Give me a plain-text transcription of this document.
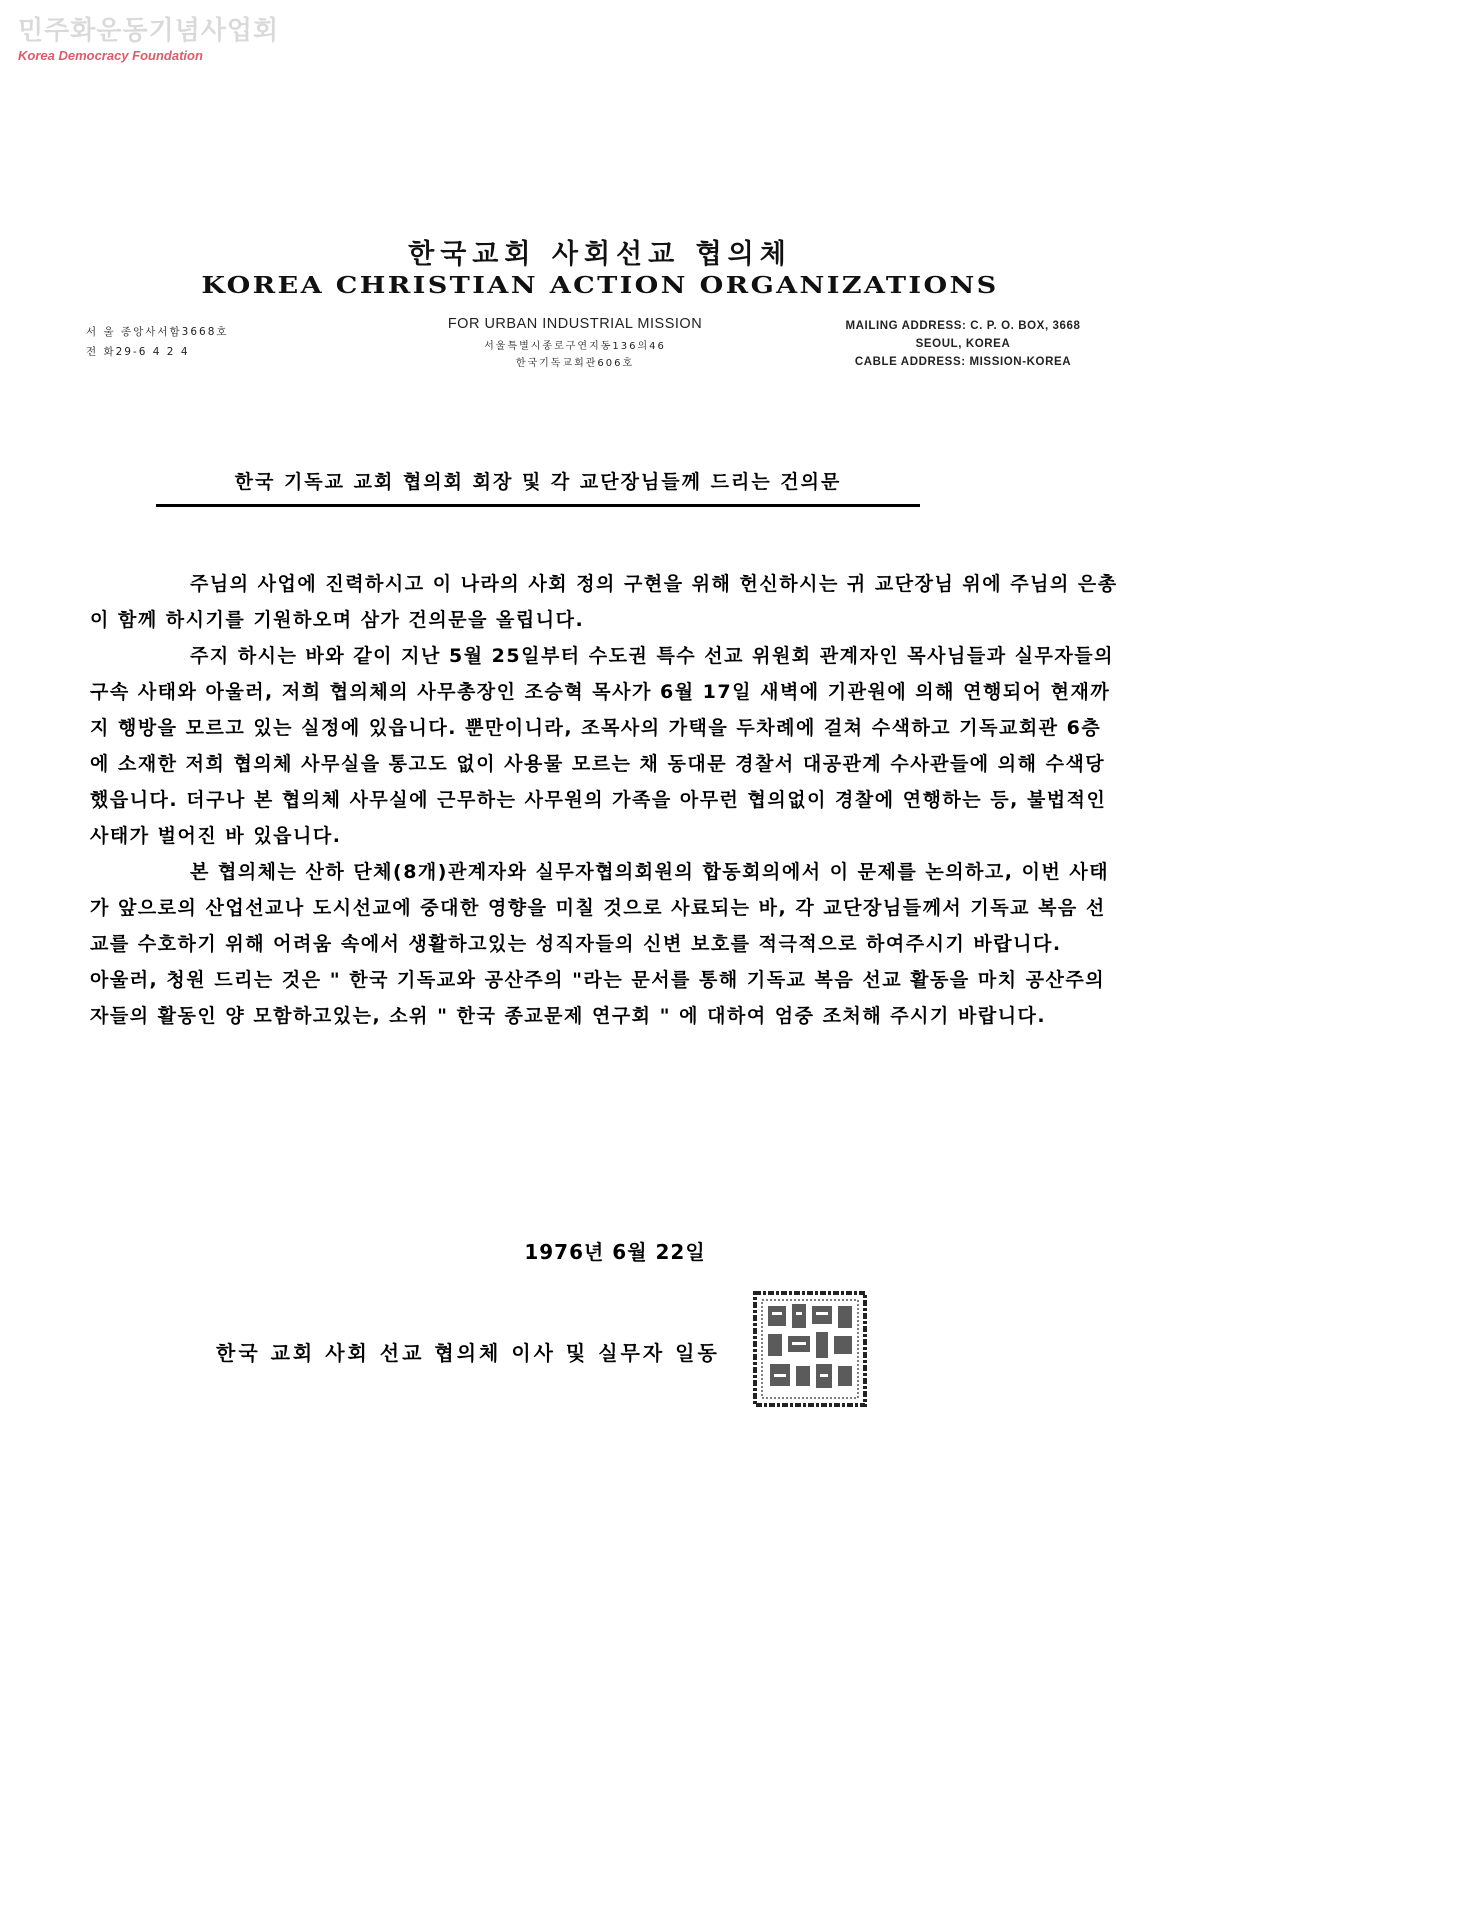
민주화운동기념사업회
Korea Democracy Foundation
한국교회 사회선교 협의체
KOREA CHRISTIAN ACTION ORGANIZATIONS
서 울 종앙사서함3668호
전 화29-6 4 2 4
FOR URBAN INDUSTRIAL MISSION
서울특별시종로구연지동136의46
한국기독교회관606호
MAILING ADDRESS: C. P. O. BOX, 3668
SEOUL, KOREA
CABLE ADDRESS: MISSION-KOREA
한국 기독교 교회 협의회 회장 및 각 교단장님들께 드리는 건의문

주님의 사업에 진력하시고 이 나라의 사회 정의 구현을 위해 헌신하시는 귀 교단장님 위에 주님의 은총이 함께 하시기를 기원하오며 삼가 건의문을 올립니다.

주지 하시는 바와 같이 지난 5월 25일부터 수도권 특수 선교 위원회 관계자인 목사님들과 실무자들의 구속 사태와 아울러, 저희 협의체의 사무총장인 조승혁 목사가 6월 17일 새벽에 기관원에 의해 연행되어 현재까지 행방을 모르고 있는 실정에 있읍니다. 뿐만이니라, 조목사의 가택을 두차례에 걸쳐 수색하고 기독교회관 6층에 소재한 저희 협의체 사무실을 통고도 없이 사용물 모르는 채 동대문 경찰서 대공관계 수사관들에 의해 수색당했읍니다. 더구나 본 협의체 사무실에 근무하는 사무원의 가족을 아무런 협의없이 경찰에 연행하는 등, 불법적인 사태가 벌어진 바 있읍니다.

본 협의체는 산하 단체(8개)관계자와 실무자협의회원의 합동회의에서 이 문제를 논의하고, 이번 사태가 앞으로의 산업선교나 도시선교에 중대한 영향을 미칠 것으로 사료되는 바, 각 교단장님들께서 기독교 복음 선교를 수호하기 위해 어려움 속에서 생활하고있는 성직자들의 신변 보호를 적극적으로 하여주시기 바랍니다.

아울러, 청원 드리는 것은 " 한국 기독교와 공산주의 "라는 문서를 통해 기독교 복음 선교 활동을 마치 공산주의자들의 활동인 양 모함하고있는, 소위 " 한국 종교문제 연구회 " 에 대하여 엄중 조처해 주시기 바랍니다.

1976년 6월 22일
한국 교회 사회 선교 협의체 이사 및 실무자 일동
